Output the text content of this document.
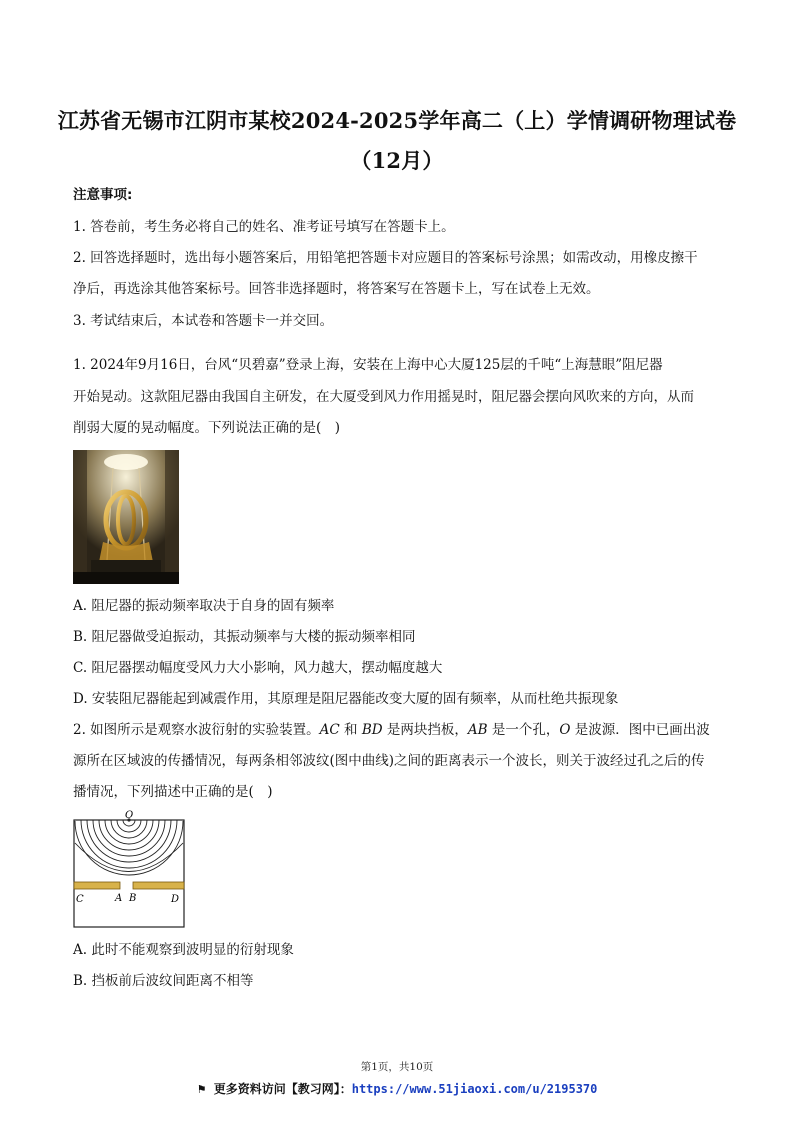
江苏省无锡市江阴市某校2024-2025学年高二（上）学情调研物理试卷
（12月）
注意事项:
1. 答卷前，考生务必将自己的姓名、准考证号填写在答题卡上。
2. 回答选择题时，选出每小题答案后，用铅笔把答题卡对应题目的答案标号涂黑；如需改动，用橡皮擦干
净后，再选涂其他答案标号。回答非选择题时，将答案写在答题卡上，写在试卷上无效。
3. 考试结束后，本试卷和答题卡一并交回。
1. 2024年9月16日，台风“贝碧嘉”登录上海，安装在上海中心大厦125层的千吨“上海慧眼”阻尼器
开始晃动。这款阻尼器由我国自主研发，在大厦受到风力作用摇晃时，阻尼器会摆向风吹来的方向，从而
削弱大厦的晃动幅度。下列说法正确的是(　)
A. 阻尼器的振动频率取决于自身的固有频率
B. 阻尼器做受迫振动，其振动频率与大楼的振动频率相同
C. 阻尼器摆动幅度受风力大小影响，风力越大，摆动幅度越大
D. 安装阻尼器能起到减震作用，其原理是阻尼器能改变大厦的固有频率，从而杜绝共振现象
2. 如图所示是观察水波衍射的实验装置。AC 和 BD 是两块挡板，AB 是一个孔，O 是波源．图中已画出波
源所在区域波的传播情况，每两条相邻波纹(图中曲线)之间的距离表示一个波长，则关于波经过孔之后的传
播情况，下列描述中正确的是(　)
O
C	A B	D
A. 此时不能观察到波明显的衍射现象
B. 挡板前后波纹间距离不相等
第1页，共10页
⚑ 更多资料访问【教习网】：https://www.51jiaoxi.com/u/2195370
